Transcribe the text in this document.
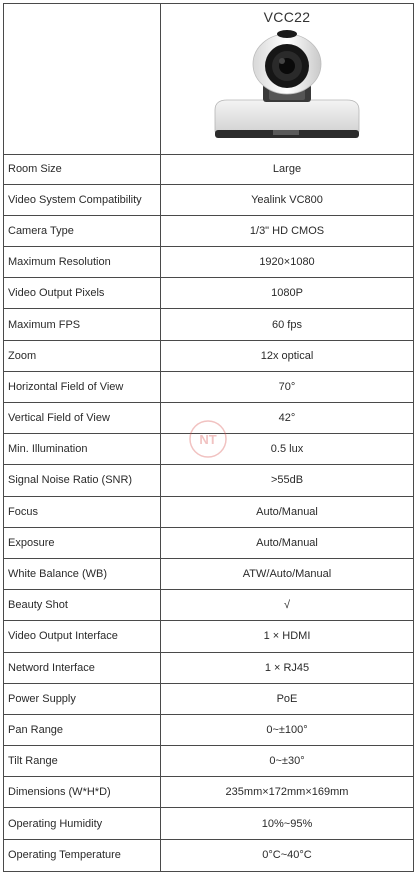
VCC22
Room Size	Large
Video System Compatibility	Yealink VC800
Camera Type	1/3" HD CMOS
Maximum Resolution	1920×1080
Video Output Pixels	1080P
Maximum FPS	60 fps
Zoom	12x optical
Horizontal Field of View	70°
Vertical Field of View	42°
Min. Illumination	0.5 lux
Signal Noise Ratio (SNR)	>55dB
Focus	Auto/Manual
Exposure	Auto/Manual
White Balance (WB)	ATW/Auto/Manual
Beauty Shot	√
Video Output Interface	1 × HDMI
Netword Interface	1 × RJ45
Power Supply	PoE
Pan Range	0~±100°
Tilt Range	0~±30°
Dimensions (W*H*D)	235mm×172mm×169mm
Operating Humidity	10%~95%
Operating Temperature	0°C~40°C
NT
